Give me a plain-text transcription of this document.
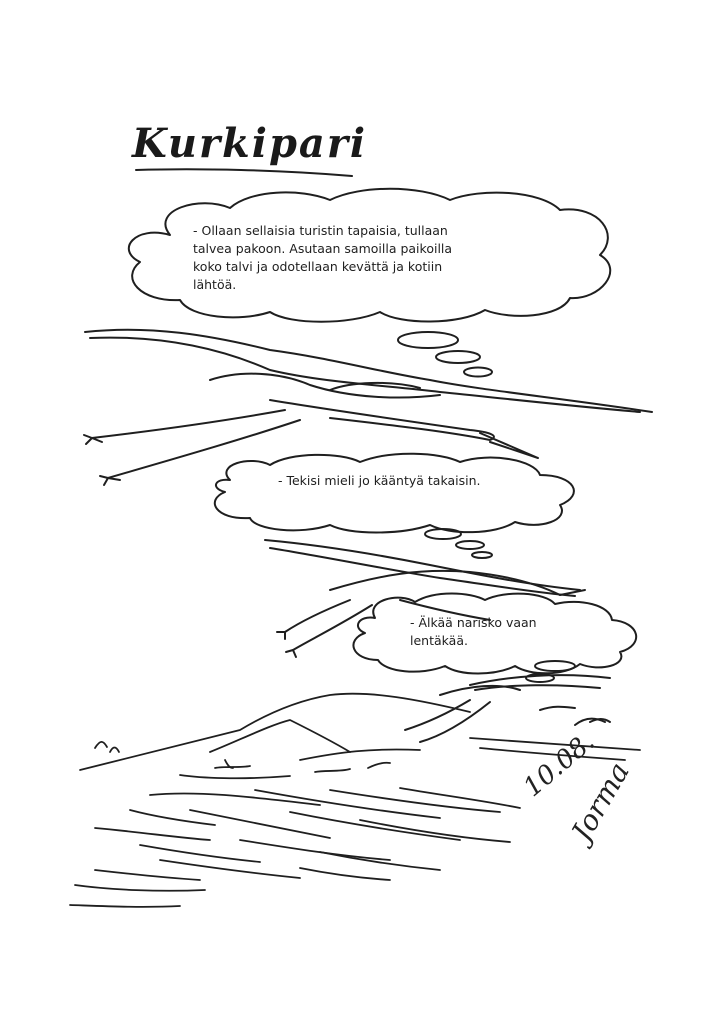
Kurkipari

- Ollaan sellaisia turistin tapaisia, tullaan
talvea pakoon. Asutaan samoilla paikoilla
koko talvi ja odotellaan kevättä ja kotiin
lähtöä.

- Tekisi mieli jo kääntyä takaisin.

- Älkää narisko vaan
lentäkää.

10.08.
Jorma
